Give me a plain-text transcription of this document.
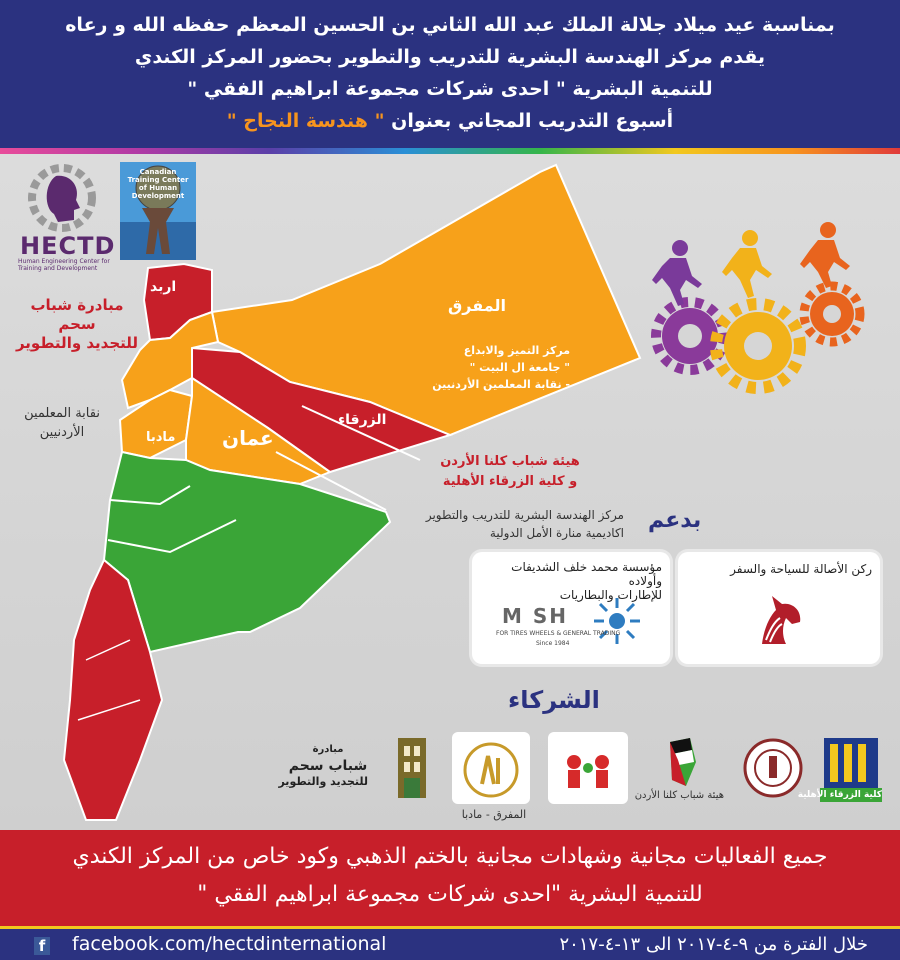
بمناسبة عيد ميلاد جلالة الملك عبد الله الثاني بن الحسين المعظم حفظه الله و رعاه
يقدم مركز الهندسة البشرية للتدريب والتطوير بحضور المركز الكندي
للتنمية البشرية " احدى شركات مجموعة ابراهيم الفقي "
أسبوع التدريب المجاني بعنوان " هندسة النجاح "
HECTD
Human Engineering Center for Training and Development
Canadian Training Center of Human Development
اربد
المفرق
الزرقاء
مادبا عمان
مبادرة شباب
سحم
للتجديد والتطوير
نقابة المعلمين
الأردنيين
مركز التميز والابداع
" جامعة ال البيت "
- نقابة المعلمين الأردنيين
هيئة شباب كلنا الأردن
و كلية الزرقاء الأهلية
مركز الهندسة البشرية للتدريب والتطوير
اكاديمية منارة الأمل الدولية بدعم
ركن الأصالة للسياحة والسفر
مؤسسة محمد خلف الشديفات وأولاده
للإطارات والبطاريات
M SH
FOR TIRES WHEELS & GENERAL TRADING
Since 1984
الشركاء
مبادرة
شباب سحم
للتجديد والتطوير
المفرق - مادبا
هيئة شباب كلنا الأردن	كلية الزرقاء الأهلية
جميع الفعاليات مجانية وشهادات مجانية بالختم الذهبي وكود خاص من المركز الكندي
للتنمية البشرية "احدى شركات مجموعة ابراهيم الفقي "
f facebook.com/hectdinternational	خلال الفترة من ٩-٤-٢٠١٧ الى ١٣-٤-٢٠١٧
